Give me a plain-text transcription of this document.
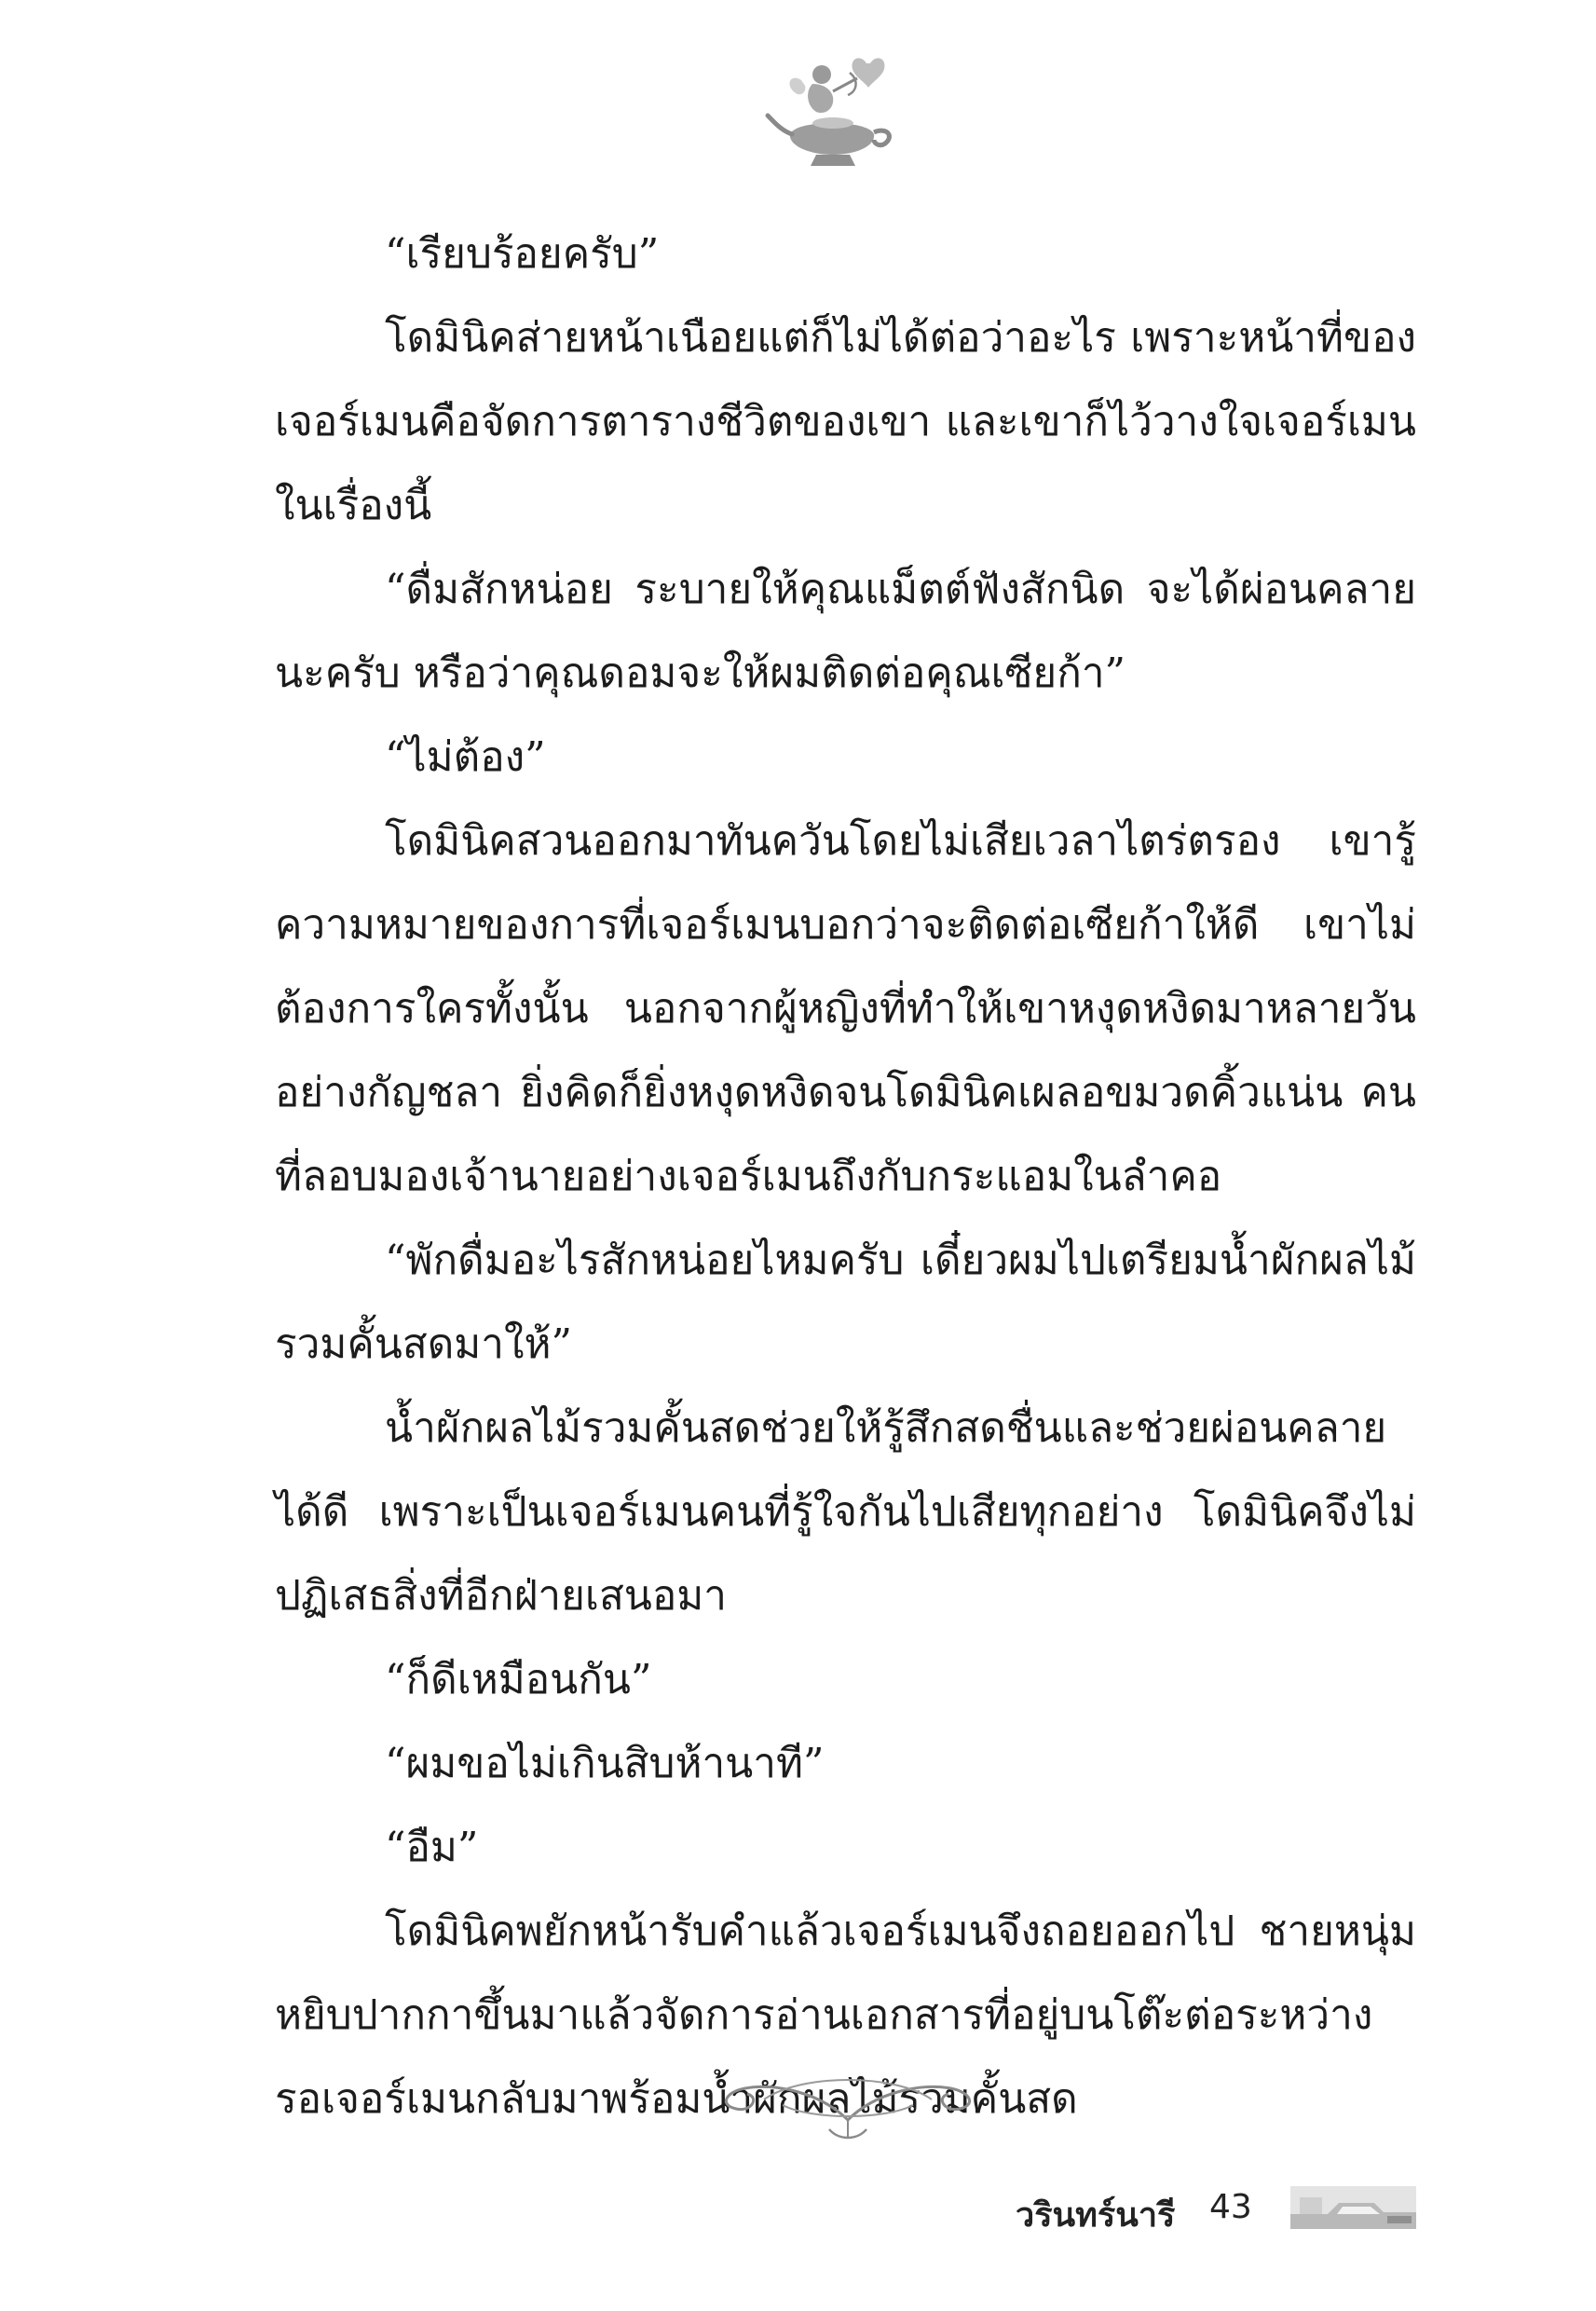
“เรียบร้อยครับ”

โดมินิคส่ายหน้าเนือยแต่ก็ไม่ได้ต่อว่าอะไร เพราะหน้าที่ของเจอร์เมนคือจัดการตารางชีวิตของเขา และเขาก็ไว้วางใจเจอร์เมนในเรื่องนี้

“ดื่มสักหน่อย ระบายให้คุณแม็ตต์ฟังสักนิด จะได้ผ่อนคลายนะครับ หรือว่าคุณดอมจะให้ผมติดต่อคุณเซียก้า”

“ไม่ต้อง”

โดมินิคสวนออกมาทันควันโดยไม่เสียเวลาไตร่ตรอง เขารู้ความหมายของการที่เจอร์เมนบอกว่าจะติดต่อเซียก้าให้ดี เขาไม่ต้องการใครทั้งนั้น นอกจากผู้หญิงที่ทำให้เขาหงุดหงิดมาหลายวันอย่างกัญชลา ยิ่งคิดก็ยิ่งหงุดหงิดจนโดมินิคเผลอขมวดคิ้วแน่น คนที่ลอบมองเจ้านายอย่างเจอร์เมนถึงกับกระแอมในลำคอ

“พักดื่มอะไรสักหน่อยไหมครับ เดี๋ยวผมไปเตรียมน้ำผักผลไม้รวมคั้นสดมาให้”

น้ำผักผลไม้รวมคั้นสดช่วยให้รู้สึกสดชื่นและช่วยผ่อนคลายได้ดี เพราะเป็นเจอร์เมนคนที่รู้ใจกันไปเสียทุกอย่าง โดมินิคจึงไม่ปฏิเสธสิ่งที่อีกฝ่ายเสนอมา

“ก็ดีเหมือนกัน”

“ผมขอไม่เกินสิบห้านาที”

“อืม”

โดมินิคพยักหน้ารับคำแล้วเจอร์เมนจึงถอยออกไป ชายหนุ่มหยิบปากกาขึ้นมาแล้วจัดการอ่านเอกสารที่อยู่บนโต๊ะต่อระหว่างรอเจอร์เมนกลับมาพร้อมน้ำผักผลไม้รวมคั้นสด

วรินทร์นารี 43
